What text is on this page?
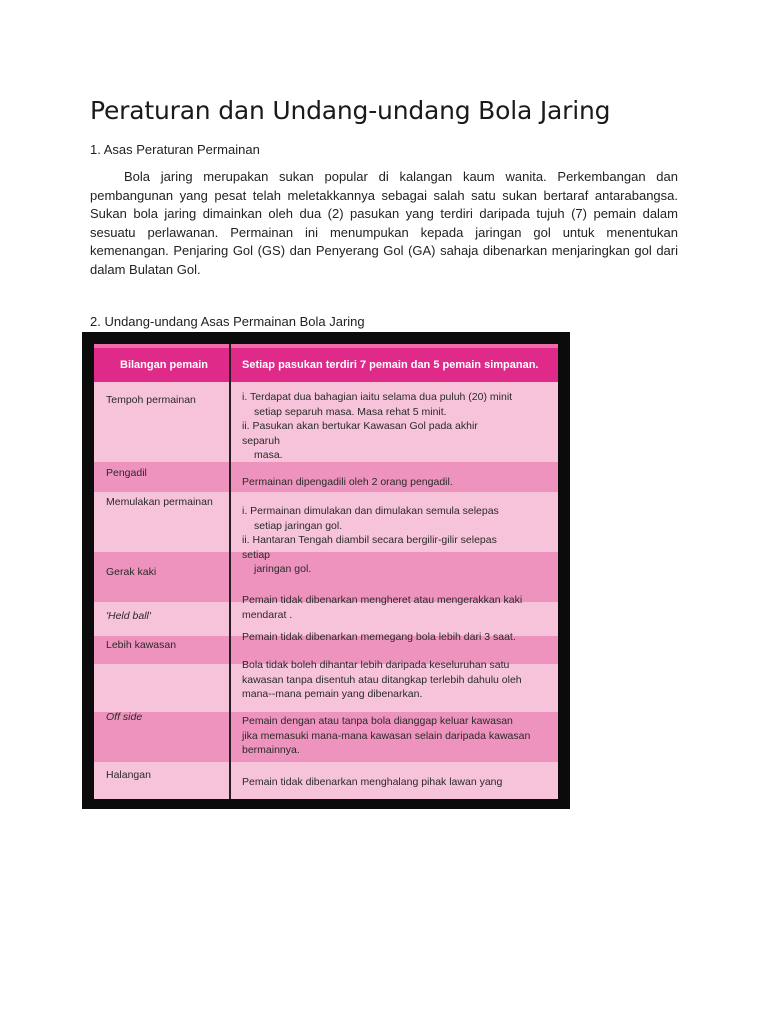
Peraturan dan Undang-undang Bola Jaring

1. Asas Peraturan Permainan

Bola jaring merupakan sukan popular di kalangan kaum wanita. Perkembangan dan pembangunan yang pesat telah meletakkannya sebagai salah satu sukan bertaraf antarabangsa. Sukan bola jaring dimainkan oleh dua (2) pasukan yang terdiri daripada tujuh (7) pemain dalam sesuatu perlawanan. Permainan ini menumpukan kepada jaringan gol untuk menentukan kemenangan. Penjaring Gol (GS) dan Penyerang Gol (GA) sahaja dibenarkan menjaringkan gol dari dalam Bulatan Gol.

2. Undang-undang Asas Permainan Bola Jaring

Bilangan pemain	Setiap pasukan terdiri 7 pemain dan 5 pemain simpanan.
Tempoh permainan
Pengadil
Memulakan permainan
Gerak kaki
'Held ball'
Lebih kawasan
Off side
Halangan
i. Terdapat dua bahagian iaitu selama dua puluh (20) minit
setiap separuh masa. Masa rehat 5 minit.
ii. Pasukan akan bertukar Kawasan Gol pada akhir
separuh
masa.
Permainan dipengadili oleh 2 orang pengadil.
i. Permainan dimulakan dan dimulakan semula selepas
setiap jaringan gol.
ii. Hantaran Tengah diambil secara bergilir-gilir selepas
setiap
jaringan gol.
Pemain tidak dibenarkan mengheret atau mengerakkan kaki
mendarat .
Pemain tidak dibenarkan memegang bola lebih dari 3 saat.
Bola tidak boleh dihantar lebih daripada keseluruhan satu
kawasan tanpa disentuh atau ditangkap terlebih dahulu oleh
mana--mana pemain yang dibenarkan.
Pemain dengan atau tanpa bola dianggap keluar kawasan
jika memasuki mana-mana kawasan selain daripada kawasan
bermainnya.
Pemain tidak dibenarkan menghalang pihak lawan yang
